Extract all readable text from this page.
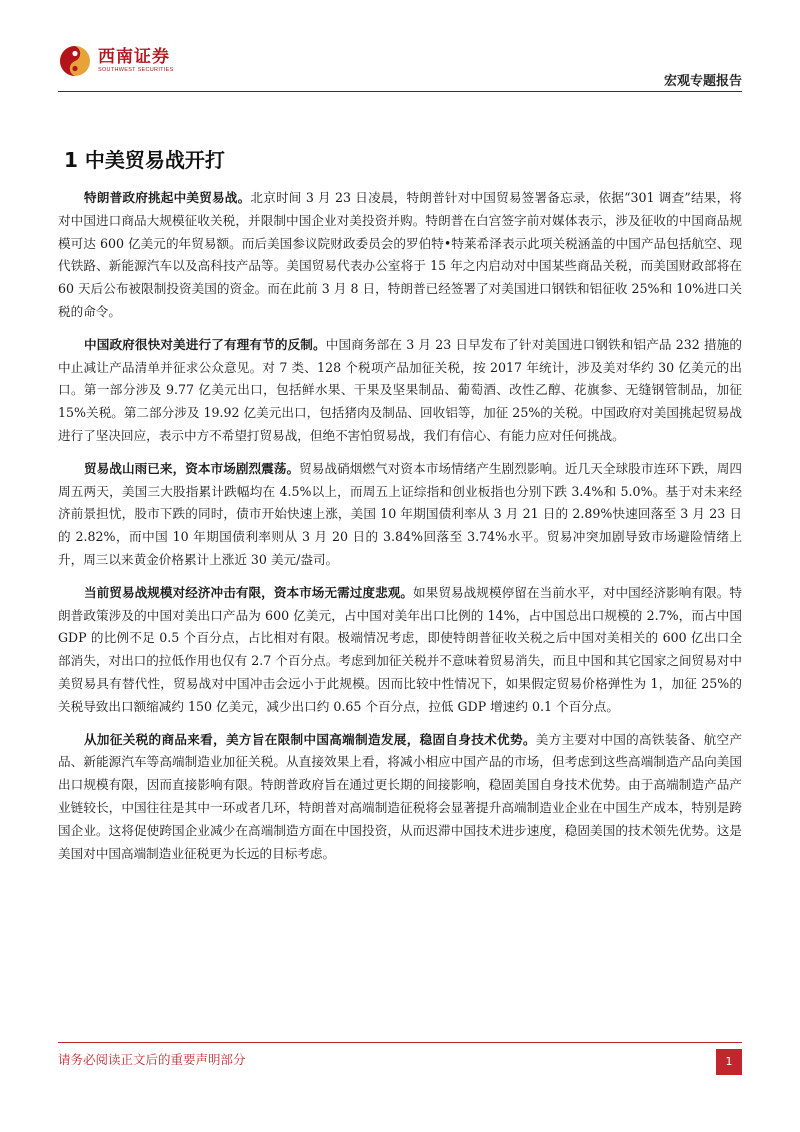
西南证券
SOUTHWEST SECURITIES
宏观专题报告
1 中美贸易战开打

特朗普政府挑起中美贸易战。北京时间 3 月 23 日凌晨，特朗普针对中国贸易签署备忘录，依据“301 调查”结果，将对中国进口商品大规模征收关税，并限制中国企业对美投资并购。特朗普在白宫签字前对媒体表示，涉及征收的中国商品规模可达 600 亿美元的年贸易额。而后美国参议院财政委员会的罗伯特•特莱希泽表示此项关税涵盖的中国产品包括航空、现代铁路、新能源汽车以及高科技产品等。美国贸易代表办公室将于 15 年之内启动对中国某些商品关税，而美国财政部将在 60 天后公布被限制投资美国的资金。而在此前 3 月 8 日，特朗普已经签署了对美国进口钢铁和铝征收 25%和 10%进口关税的命令。

中国政府很快对美进行了有理有节的反制。中国商务部在 3 月 23 日早发布了针对美国进口钢铁和铝产品 232 措施的中止减让产品清单并征求公众意见。对 7 类、128 个税项产品加征关税，按 2017 年统计，涉及美对华约 30 亿美元的出口。第一部分涉及 9.77 亿美元出口，包括鲜水果、干果及坚果制品、葡萄酒、改性乙醇、花旗参、无缝钢管制品，加征 15%关税。第二部分涉及 19.92 亿美元出口，包括猪肉及制品、回收铝等，加征 25%的关税。中国政府对美国挑起贸易战进行了坚决回应，表示中方不希望打贸易战，但绝不害怕贸易战，我们有信心、有能力应对任何挑战。

贸易战山雨已来，资本市场剧烈震荡。贸易战硝烟燃气对资本市场情绪产生剧烈影响。近几天全球股市连环下跌，周四周五两天，美国三大股指累计跌幅均在 4.5%以上，而周五上证综指和创业板指也分别下跌 3.4%和 5.0%。基于对未来经济前景担忧，股市下跌的同时，债市开始快速上涨，美国 10 年期国债利率从 3 月 21 日的 2.89%快速回落至 3 月 23 日的 2.82%，而中国 10 年期国债利率则从 3 月 20 日的 3.84%回落至 3.74%水平。贸易冲突加剧导致市场避险情绪上升，周三以来黄金价格累计上涨近 30 美元/盎司。

当前贸易战规模对经济冲击有限，资本市场无需过度悲观。如果贸易战规模停留在当前水平，对中国经济影响有限。特朗普政策涉及的中国对美出口产品为 600 亿美元，占中国对美年出口比例的 14%，占中国总出口规模的 2.7%，而占中国 GDP 的比例不足 0.5 个百分点，占比相对有限。极端情况考虑，即使特朗普征收关税之后中国对美相关的 600 亿出口全部消失，对出口的拉低作用也仅有 2.7 个百分点。考虑到加征关税并不意味着贸易消失，而且中国和其它国家之间贸易对中美贸易具有替代性，贸易战对中国冲击会远小于此规模。因而比较中性情况下，如果假定贸易价格弹性为 1，加征 25%的关税导致出口额缩减约 150 亿美元，减少出口约 0.65 个百分点，拉低 GDP 增速约 0.1 个百分点。

从加征关税的商品来看，美方旨在限制中国高端制造发展，稳固自身技术优势。美方主要对中国的高铁装备、航空产品、新能源汽车等高端制造业加征关税。从直接效果上看，将减小相应中国产品的市场，但考虑到这些高端制造产品向美国出口规模有限，因而直接影响有限。特朗普政府旨在通过更长期的间接影响，稳固美国自身技术优势。由于高端制造产品产业链较长，中国往往是其中一环或者几环，特朗普对高端制造征税将会显著提升高端制造业企业在中国生产成本，特别是跨国企业。这将促使跨国企业减少在高端制造方面在中国投资，从而迟滞中国技术进步速度，稳固美国的技术领先优势。这是美国对中国高端制造业征税更为长远的目标考虑。

请务必阅读正文后的重要声明部分	1
